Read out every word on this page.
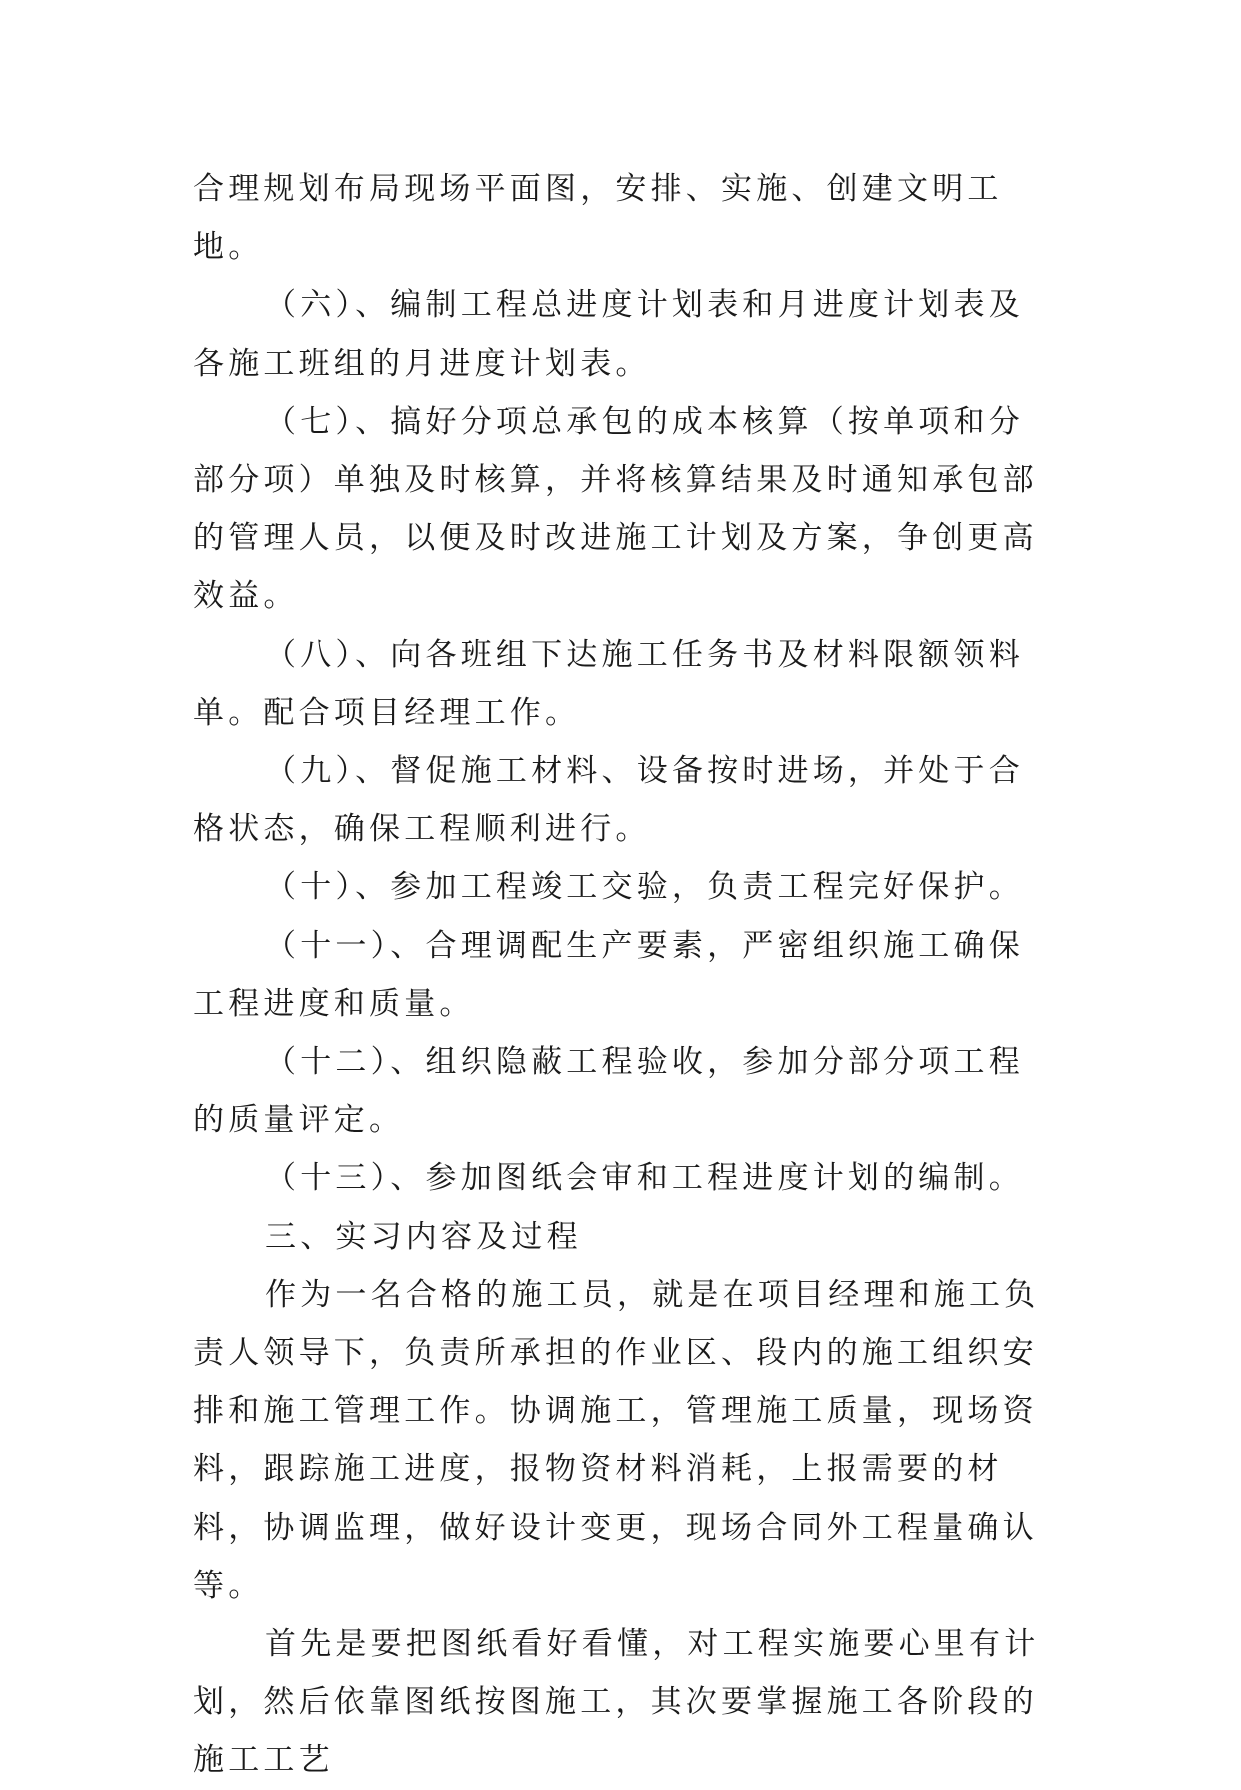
合理规划布局现场平面图，安排、实施、创建文明工地。

（六）、编制工程总进度计划表和月进度计划表及各施工班组的月进度计划表。

（七）、搞好分项总承包的成本核算（按单项和分部分项）单独及时核算，并将核算结果及时通知承包部的管理人员，以便及时改进施工计划及方案，争创更高效益。

（八）、向各班组下达施工任务书及材料限额领料单。配合项目经理工作。

（九）、督促施工材料、设备按时进场，并处于合格状态，确保工程顺利进行。

（十）、参加工程竣工交验，负责工程完好保护。

（十一）、合理调配生产要素，严密组织施工确保工程进度和质量。

（十二）、组织隐蔽工程验收，参加分部分项工程的质量评定。

（十三）、参加图纸会审和工程进度计划的编制。

三、实习内容及过程

作为一名合格的施工员，就是在项目经理和施工负责人领导下，负责所承担的作业区、段内的施工组织安排和施工管理工作。协调施工，管理施工质量，现场资料，跟踪施工进度，报物资材料消耗，上报需要的材料，协调监理，做好设计变更，现场合同外工程量确认等。

首先是要把图纸看好看懂，对工程实施要心里有计划，然后依靠图纸按图施工，其次要掌握施工各阶段的施工工艺
